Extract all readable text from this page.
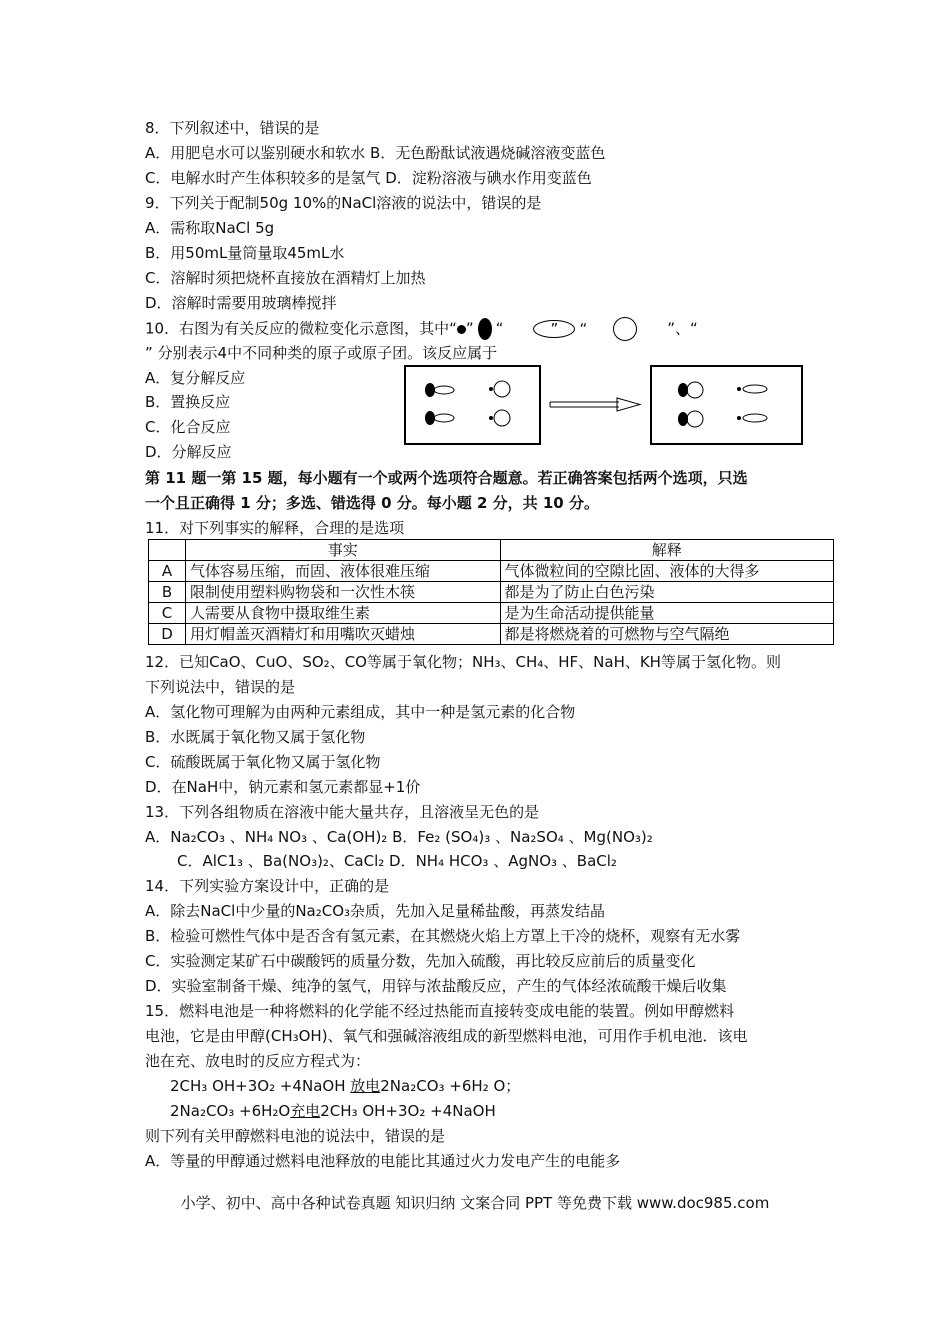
8．下列叙述中，错误的是
A．用肥皂水可以鉴别硬水和软水 B．无色酚酞试液遇烧碱溶液变蓝色
C．电解水时产生体积较多的是氢气 D．淀粉溶液与碘水作用变蓝色
9．下列关于配制50g 10%的NaCl溶液的说法中，错误的是
A．需称取NaCl 5g
B．用50mL量筒量取45mL水
C．溶解时须把烧杯直接放在酒精灯上加热
D．溶解时需要用玻璃棒搅拌
10．右图为有关反应的微粒变化示意图，其中“ ” “	” “	”、“
” 分别表示4中不同种类的原子或原子团。该反应属于
A．复分解反应
B．置换反应
C．化合反应
D．分解反应
第 11 题一第 15 题，每小题有一个或两个选项符合题意。若正确答案包括两个选项，只选
一个且正确得 1 分；多选、错选得 0 分。每小题 2 分，共 10 分。
11．对下列事实的解释，合理的是选项
	事实	解释
A	气体容易压缩，而固、液体很难压缩	气体微粒间的空隙比固、液体的大得多
B	限制使用塑料购物袋和一次性木筷	都是为了防止白色污染
C	人需要从食物中摄取维生素	是为生命活动提供能量
D	用灯帽盖灭酒精灯和用嘴吹灭蜡烛	都是将燃烧着的可燃物与空气隔绝
12．已知CaO、CuO、SO₂、CO等属于氧化物；NH₃、CH₄、HF、NaH、KH等属于氢化物。则
下列说法中，错误的是
A．氢化物可理解为由两种元素组成，其中一种是氢元素的化合物
B．水既属于氧化物又属于氢化物
C．硫酸既属于氧化物又属于氢化物
D．在NaH中，钠元素和氢元素都显+1价
13．下列各组物质在溶液中能大量共存，且溶液呈无色的是
A．Na₂CO₃ 、NH₄ NO₃ 、Ca(OH)₂ B．Fe₂ (SO₄)₃ 、Na₂SO₄ 、Mg(NO₃)₂
C．AlC1₃ 、Ba(NO₃)₂、CaCl₂ D．NH₄ HCO₃ 、AgNO₃ 、BaCl₂
14．下列实验方案设计中，正确的是
A．除去NaCl中少量的Na₂CO₃杂质，先加入足量稀盐酸，再蒸发结晶
B．检验可燃性气体中是否含有氢元素，在其燃烧火焰上方罩上干冷的烧杯，观察有无水雾
C．实验测定某矿石中碳酸钙的质量分数，先加入硫酸，再比较反应前后的质量变化
D．实验室制备干燥、纯净的氢气，用锌与浓盐酸反应，产生的气体经浓硫酸干燥后收集
15．燃料电池是一种将燃料的化学能不经过热能而直接转变成电能的装置。例如甲醇燃料
电池，它是由甲醇(CH₃OH)、氧气和强碱溶液组成的新型燃料电池，可用作手机电池．该电
池在充、放电时的反应方程式为：
2CH₃ OH+3O₂ +4NaOH 放电2Na₂CO₃ +6H₂ O；
2Na₂CO₃ +6H₂O充电2CH₃ OH+3O₂ +4NaOH
则下列有关甲醇燃料电池的说法中，错误的是
A．等量的甲醇通过燃料电池释放的电能比其通过火力发电产生的电能多
小学、初中、高中各种试卷真题 知识归纳 文案合同 PPT 等免费下载 www.doc985.com
